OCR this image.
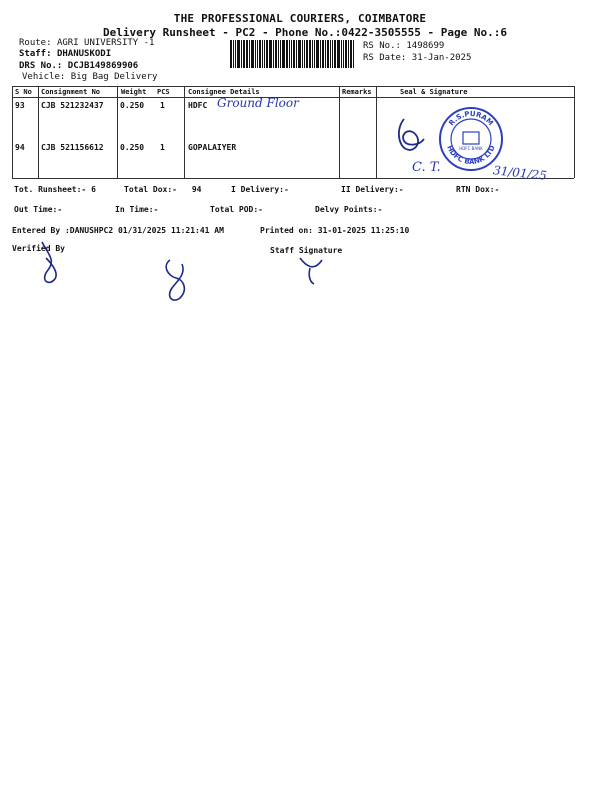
THE PROFESSIONAL COURIERS, COIMBATORE
Delivery Runsheet - PC2 - Phone No.:0422-3505555 - Page No.:6
Route: AGRI UNIVERSITY -1
Staff: DHANUSKODI
DRS No.: DCJB149869906
Vehicle: Big Bag Delivery
RS No.: 1498699
RS Date: 31-Jan-2025
S No Consignment No	Weight PCS	Consignee Details	Remarks	Seal & Signature
93 CJB 521232437 0.250 1	HDFC Ground Floor
94 CJB 521156612 0.250 1	GOPALAIYER
R.S.PURAM
HDFC BANK LTD
HDFC BANK
C. T.	31/01/25
Tot. Runsheet:- 6	Total Dox:- 94	I Delivery:-	II Delivery:-	RTN Dox:-
Out Time:-	In Time:-	Total POD:-	Delvy Points:-
Entered By :DANUSHPC2 01/31/2025 11:21:41 AM	Printed on: 31-01-2025 11:25:10
Verified By	Staff Signature
